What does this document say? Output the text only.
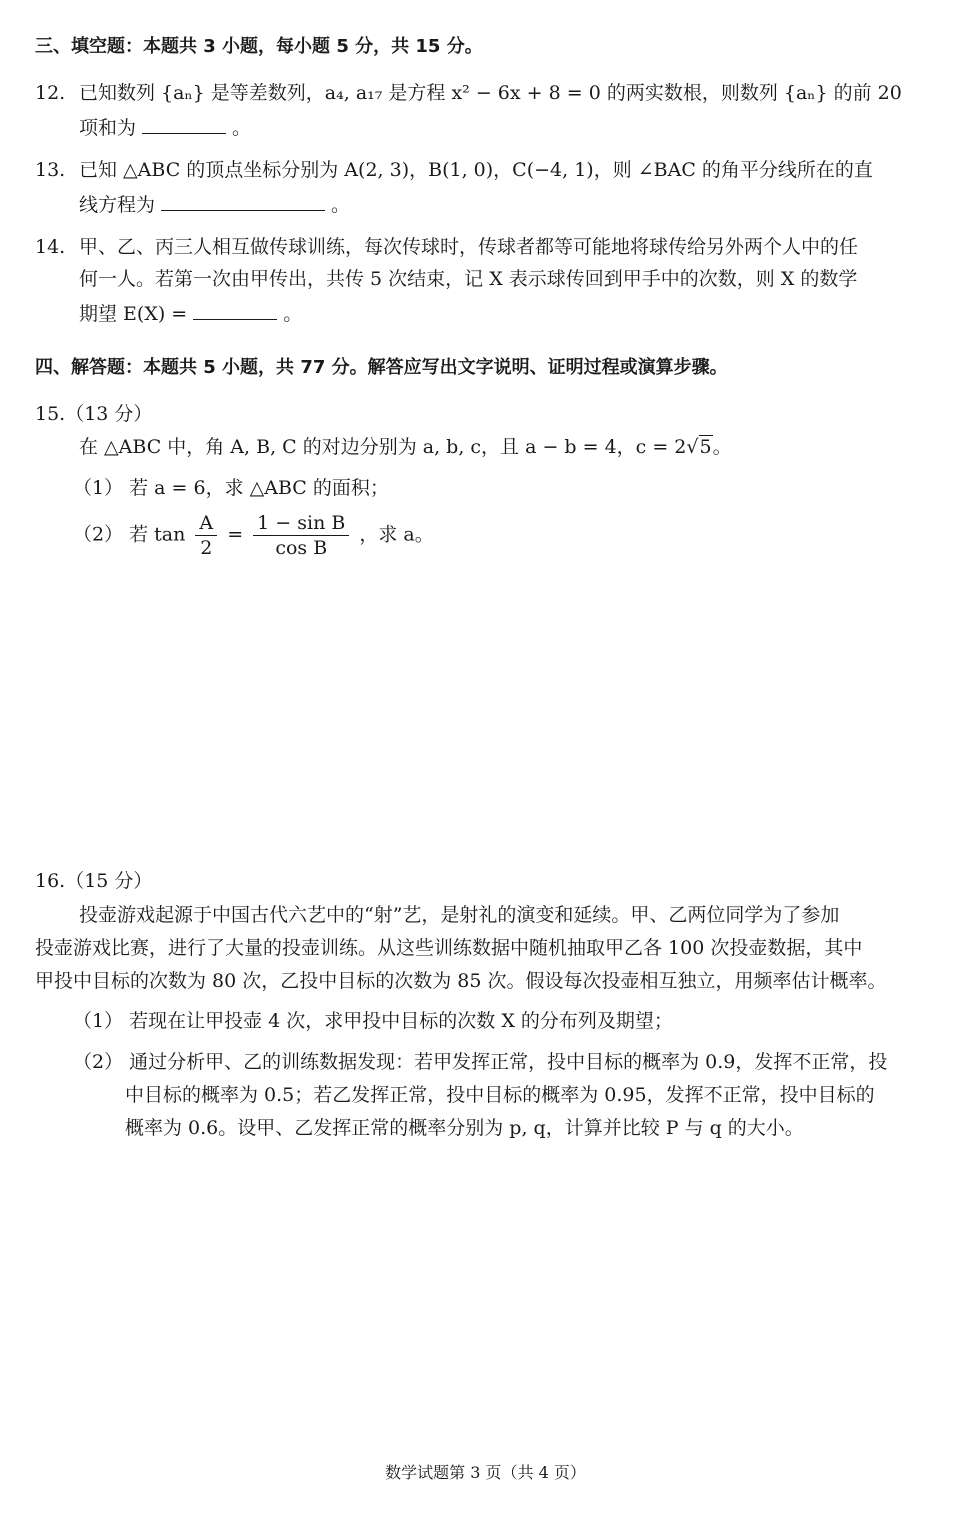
三、填空题：本题共 3 小题，每小题 5 分，共 15 分。
12. 已知数列 {aₙ} 是等差数列，a₄, a₁₇ 是方程 x² − 6x + 8 = 0 的两实数根，则数列 {aₙ} 的前 20
项和为	。
13. 已知 △ABC 的顶点坐标分别为 A(2, 3)，B(1, 0)，C(−4, 1)，则 ∠BAC 的角平分线所在的直
线方程为	。
14. 甲、乙、丙三人相互做传球训练，每次传球时，传球者都等可能地将球传给另外两个人中的任
何一人。若第一次由甲传出，共传 5 次结束，记 X 表示球传回到甲手中的次数，则 X 的数学
期望 E(X) =	。
四、解答题：本题共 5 小题，共 77 分。解答应写出文字说明、证明过程或演算步骤。
15.（13 分）
在 △ABC 中，角 A, B, C 的对边分别为 a, b, c，且 a − b = 4，c = 2√5。
（1） 若 a = 6，求 △ABC 的面积；
（2） 若 $\tan \frac{A}{2} = \frac{\text{1 − sin B}}{\text{cos B}}$ ，求 a。
16.（15 分）
投壶游戏起源于中国古代六艺中的“射”艺，是射礼的演变和延续。甲、乙两位同学为了参加
投壶游戏比赛，进行了大量的投壶训练。从这些训练数据中随机抽取甲乙各 100 次投壶数据，其中
甲投中目标的次数为 80 次，乙投中目标的次数为 85 次。假设每次投壶相互独立，用频率估计概率。
（1） 若现在让甲投壶 4 次，求甲投中目标的次数 X 的分布列及期望；
（2） 通过分析甲、乙的训练数据发现：若甲发挥正常，投中目标的概率为 0.9，发挥不正常，投
中目标的概率为 0.5；若乙发挥正常，投中目标的概率为 0.95，发挥不正常，投中目标的
概率为 0.6。设甲、乙发挥正常的概率分别为 p, q，计算并比较 P 与 q 的大小。
数学试题第 3 页（共 4 页）
